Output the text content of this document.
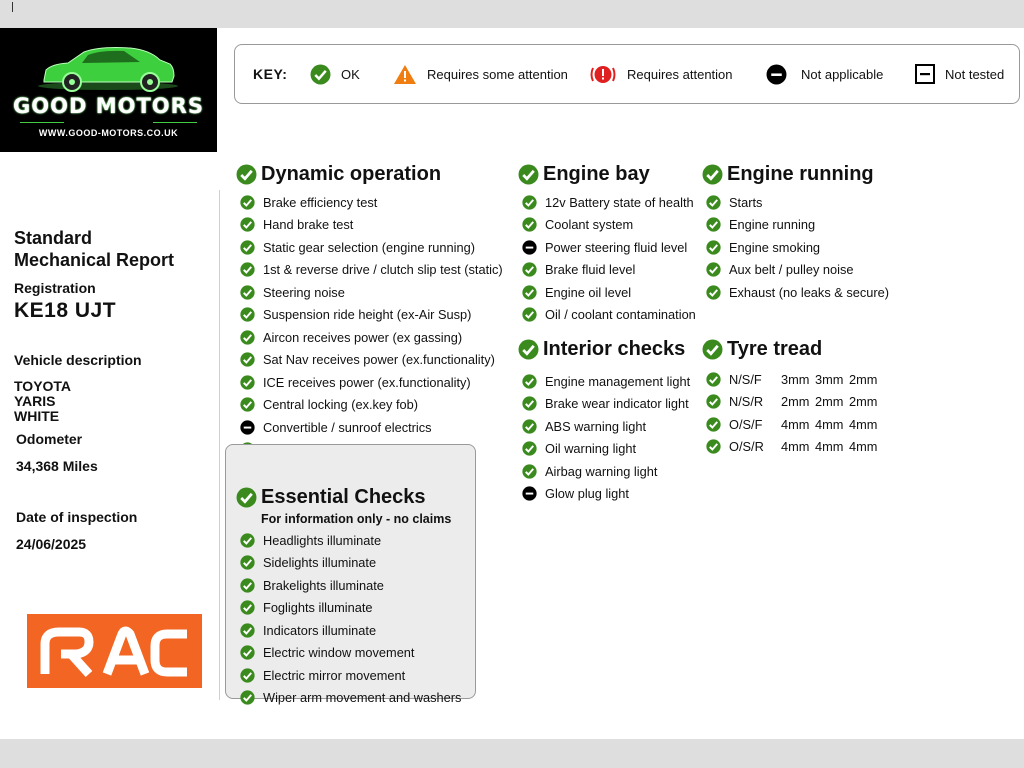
GOOD MOTORS
WWW.GOOD-MOTORS.CO.UK
Standard
Mechanical Report
Registration
KE18 UJT
Vehicle description
TOYOTA
YARIS
WHITE
Odometer
34,368 Miles
Date of inspection
24/06/2025
KEY:	OK	Requires some attention	Requires attention	Not applicable	Not tested
Dynamic operation
Brake efficiency test
Hand brake test
Static gear selection (engine running)
1st & reverse drive / clutch slip test (static)
Steering noise
Suspension ride height (ex-Air Susp)
Aircon receives power (ex gassing)
Sat Nav receives power (ex.functionality)
ICE receives power (ex.functionality)
Central locking (ex.key fob)
Convertible / sunroof electrics
Essential Checks
For information only - no claims
Headlights illuminate
Sidelights illuminate
Brakelights illuminate
Foglights illuminate
Indicators illuminate
Electric window movement
Electric mirror movement
Wiper arm movement and washers
Engine bay
12v Battery state of health
Coolant system
Power steering fluid level
Brake fluid level
Engine oil level
Oil / coolant contamination
Interior checks
Engine management light
Brake wear indicator light
ABS warning light
Oil warning light
Airbag warning light
Glow plug light
Engine running
Starts
Engine running
Engine smoking
Aux belt / pulley noise
Exhaust (no leaks & secure)
Tyre tread
N/S/F	3mm 3mm 2mm
N/S/R	2mm 2mm 2mm
O/S/F	4mm 4mm 4mm
O/S/R	4mm 4mm 4mm
